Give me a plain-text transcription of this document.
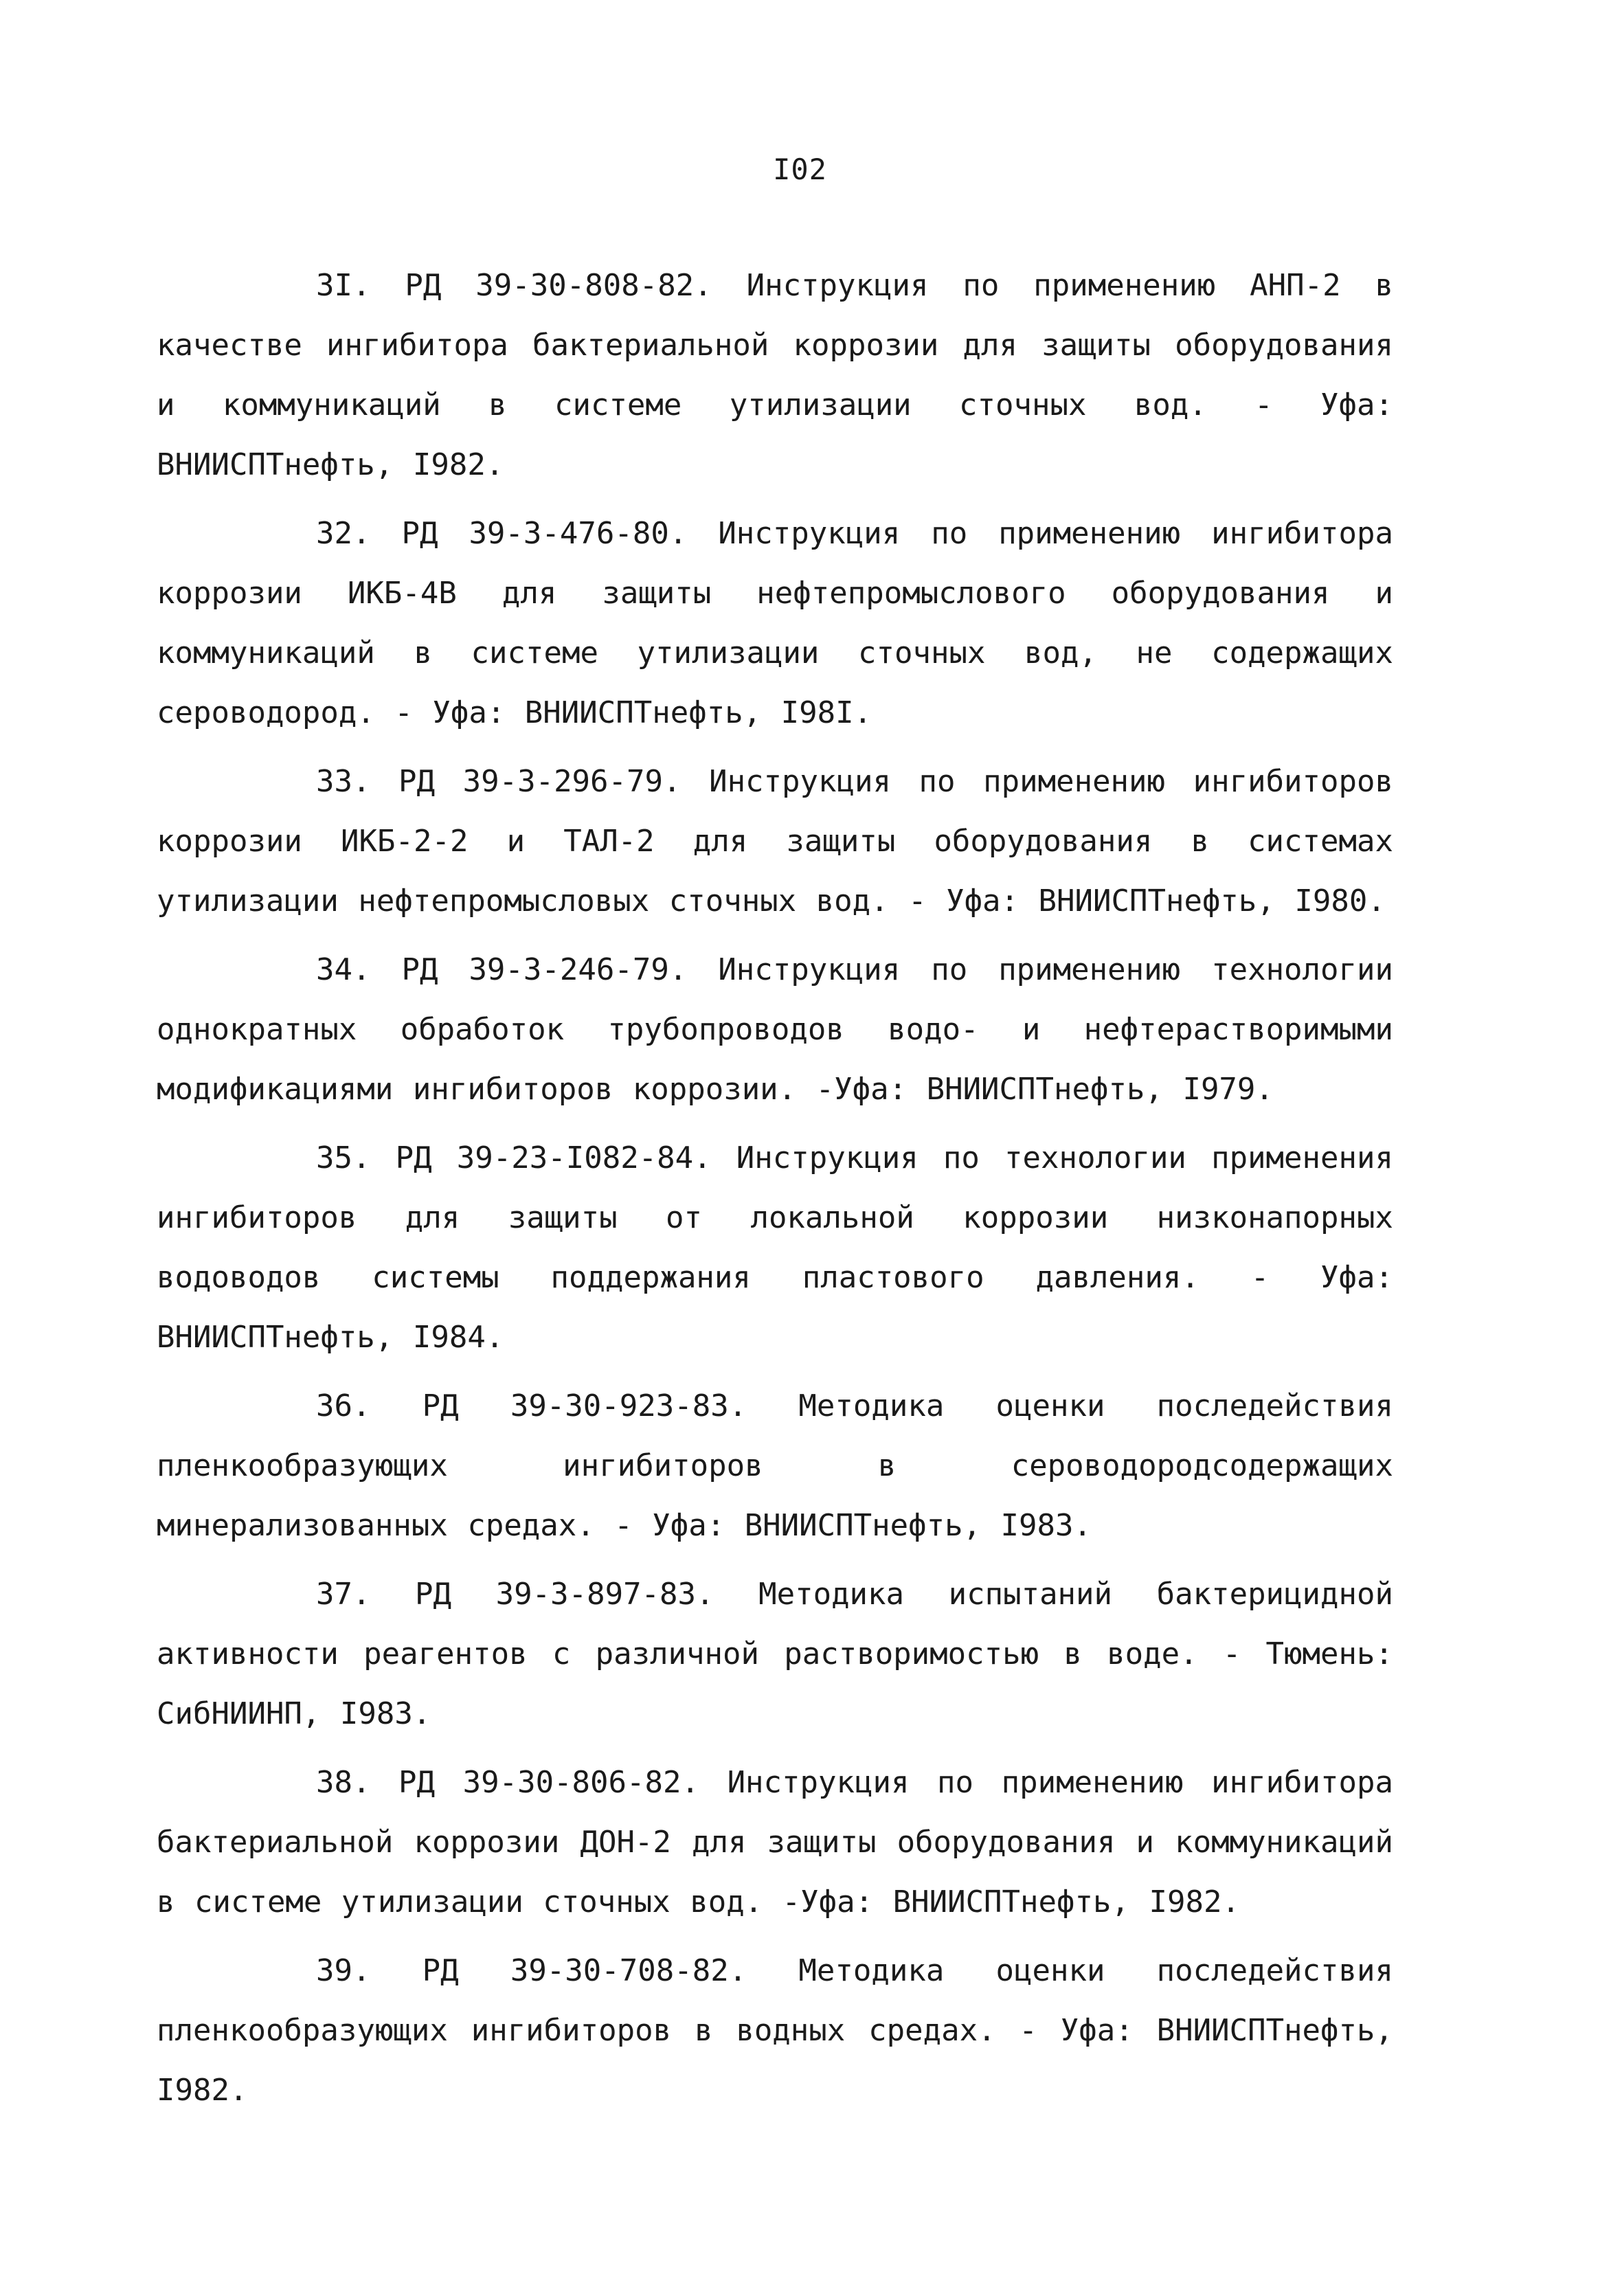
I02

3I. РД 39-30-808-82. Инструкция по применению АНП-2 в качестве ингибитора бактериальной коррозии для защиты оборудования и коммуникаций в системе утилизации сточных вод. - Уфа: ВНИИСПТнефть, I982.

32. РД 39-3-476-80. Инструкция по применению ингибитора коррозии ИКБ-4В для защиты нефтепромыслового оборудования и коммуникаций в системе утилизации сточных вод, не содержащих сероводород. - Уфа: ВНИИСПТнефть, I98I.

33. РД 39-3-296-79. Инструкция по применению ингибиторов коррозии ИКБ-2-2 и ТАЛ-2 для защиты оборудования в системах утилизации нефтепромысловых сточных вод. - Уфа: ВНИИСПТнефть, I980.

34. РД 39-3-246-79. Инструкция по применению технологии однократных обработок трубопроводов водо- и нефтерастворимыми модификациями ингибиторов коррозии. -Уфа: ВНИИСПТнефть, I979.

35. РД 39-23-I082-84. Инструкция по технологии применения ингибиторов для защиты от локальной коррозии низконапорных водоводов системы поддержания пластового давления. - Уфа: ВНИИСПТнефть, I984.

36. РД 39-30-923-83. Методика оценки последействия пленкообразующих ингибиторов в сероводородсодержащих минерализованных средах. - Уфа: ВНИИСПТнефть, I983.

37. РД 39-3-897-83. Методика испытаний бактерицидной активности реагентов с различной растворимостью в воде. - Тюмень: СибНИИНП, I983.

38. РД 39-30-806-82. Инструкция по применению ингибитора бактериальной коррозии ДОН-2 для защиты оборудования и коммуникаций в системе утилизации сточных вод. -Уфа: ВНИИСПТнефть, I982.

39. РД 39-30-708-82. Методика оценки последействия пленкообразующих ингибиторов в водных средах. - Уфа: ВНИИСПТнефть, I982.
